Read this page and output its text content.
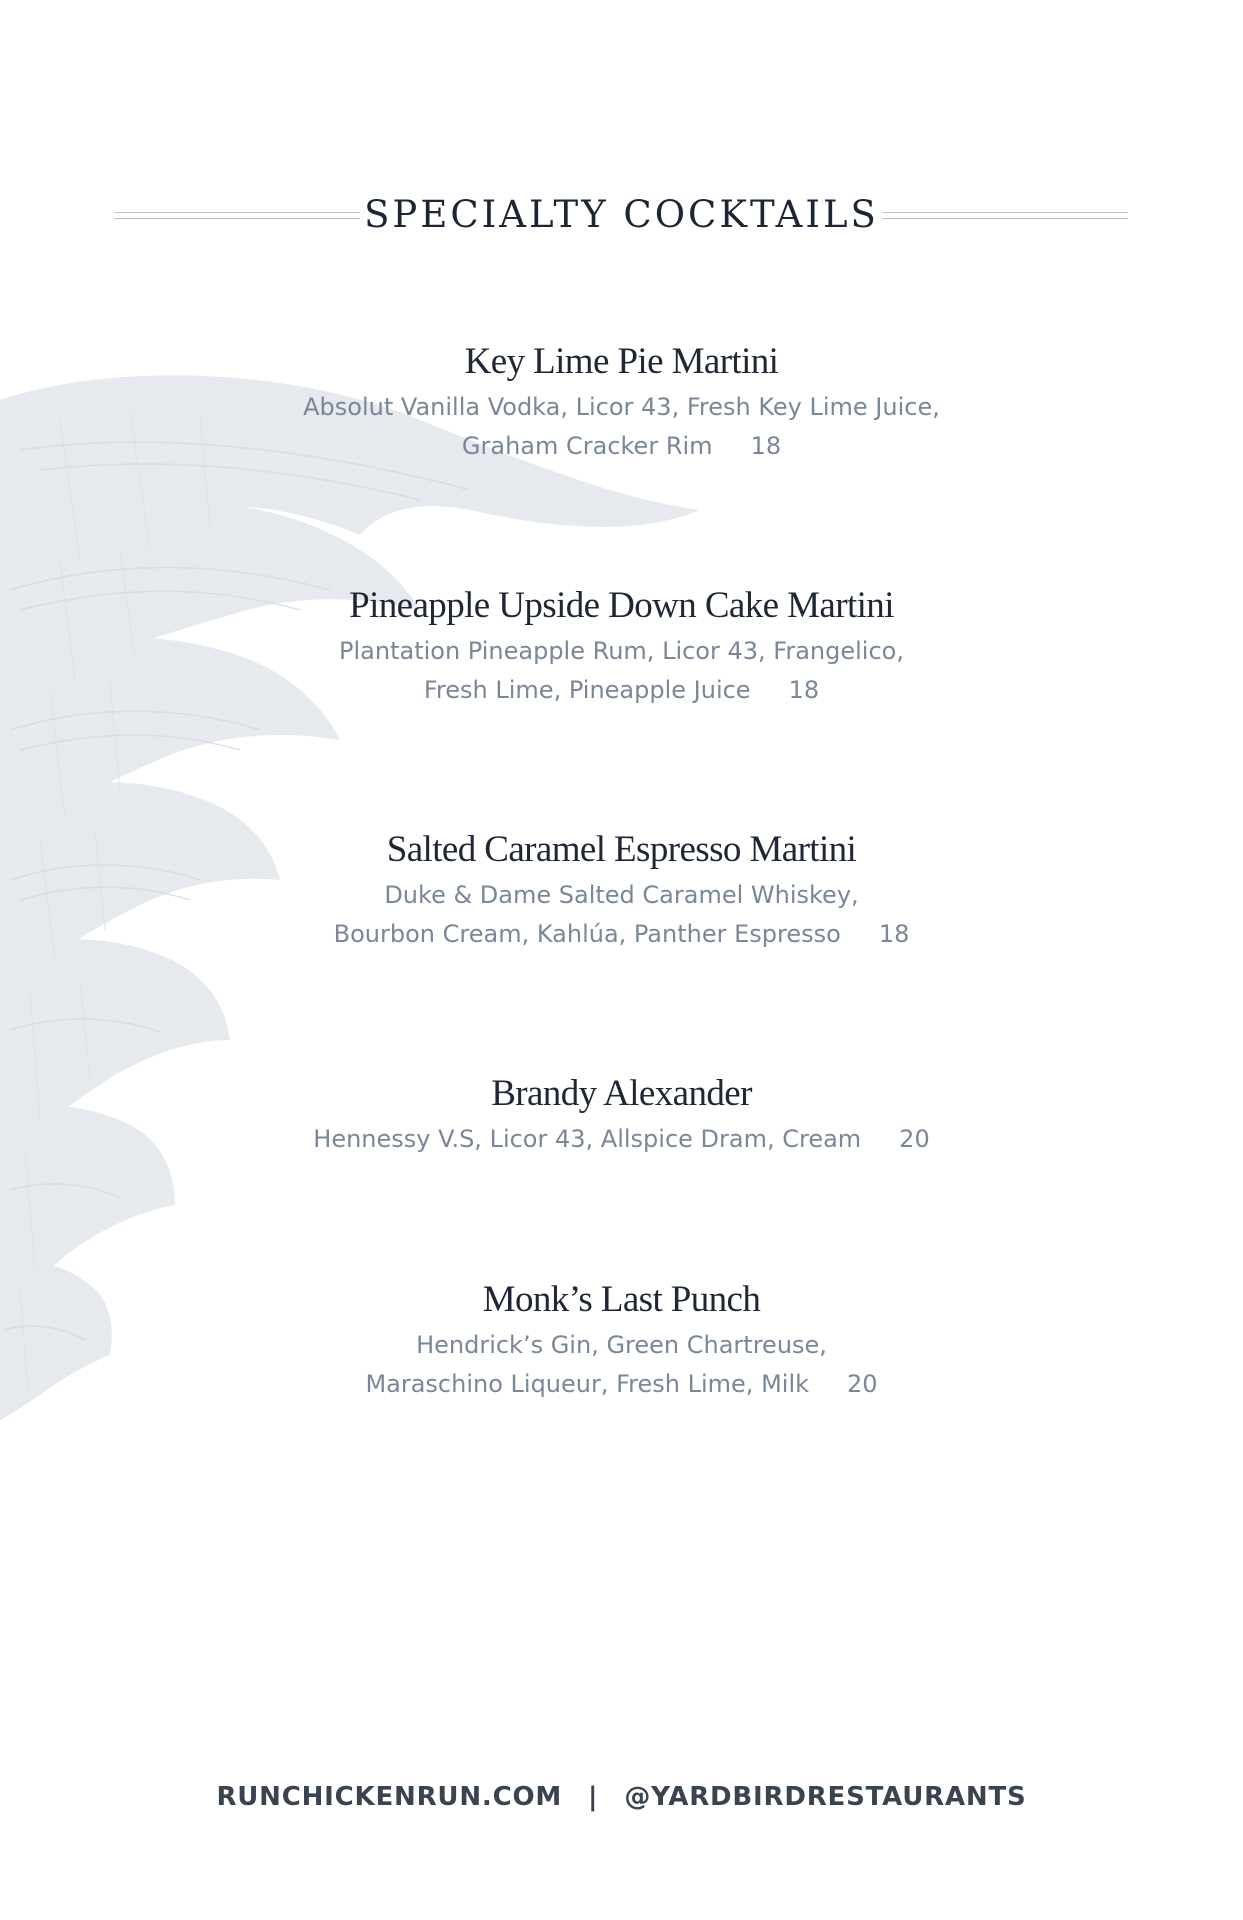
SPECIALTY COCKTAILS
Key Lime Pie Martini

Absolut Vanilla Vodka, Licor 43, Fresh Key Lime Juice,
Graham Cracker Rim 18

Pineapple Upside Down Cake Martini

Plantation Pineapple Rum, Licor 43, Frangelico,
Fresh Lime, Pineapple Juice 18

Salted Caramel Espresso Martini

Duke & Dame Salted Caramel Whiskey,
Bourbon Cream, Kahlúa, Panther Espresso 18

Brandy Alexander

Hennessy V.S, Licor 43, Allspice Dram, Cream 20

Monk’s Last Punch

Hendrick’s Gin, Green Chartreuse,
Maraschino Liqueur, Fresh Lime, Milk 20

RUNCHICKENRUN.COM | @YARDBIRDRESTAURANTS
